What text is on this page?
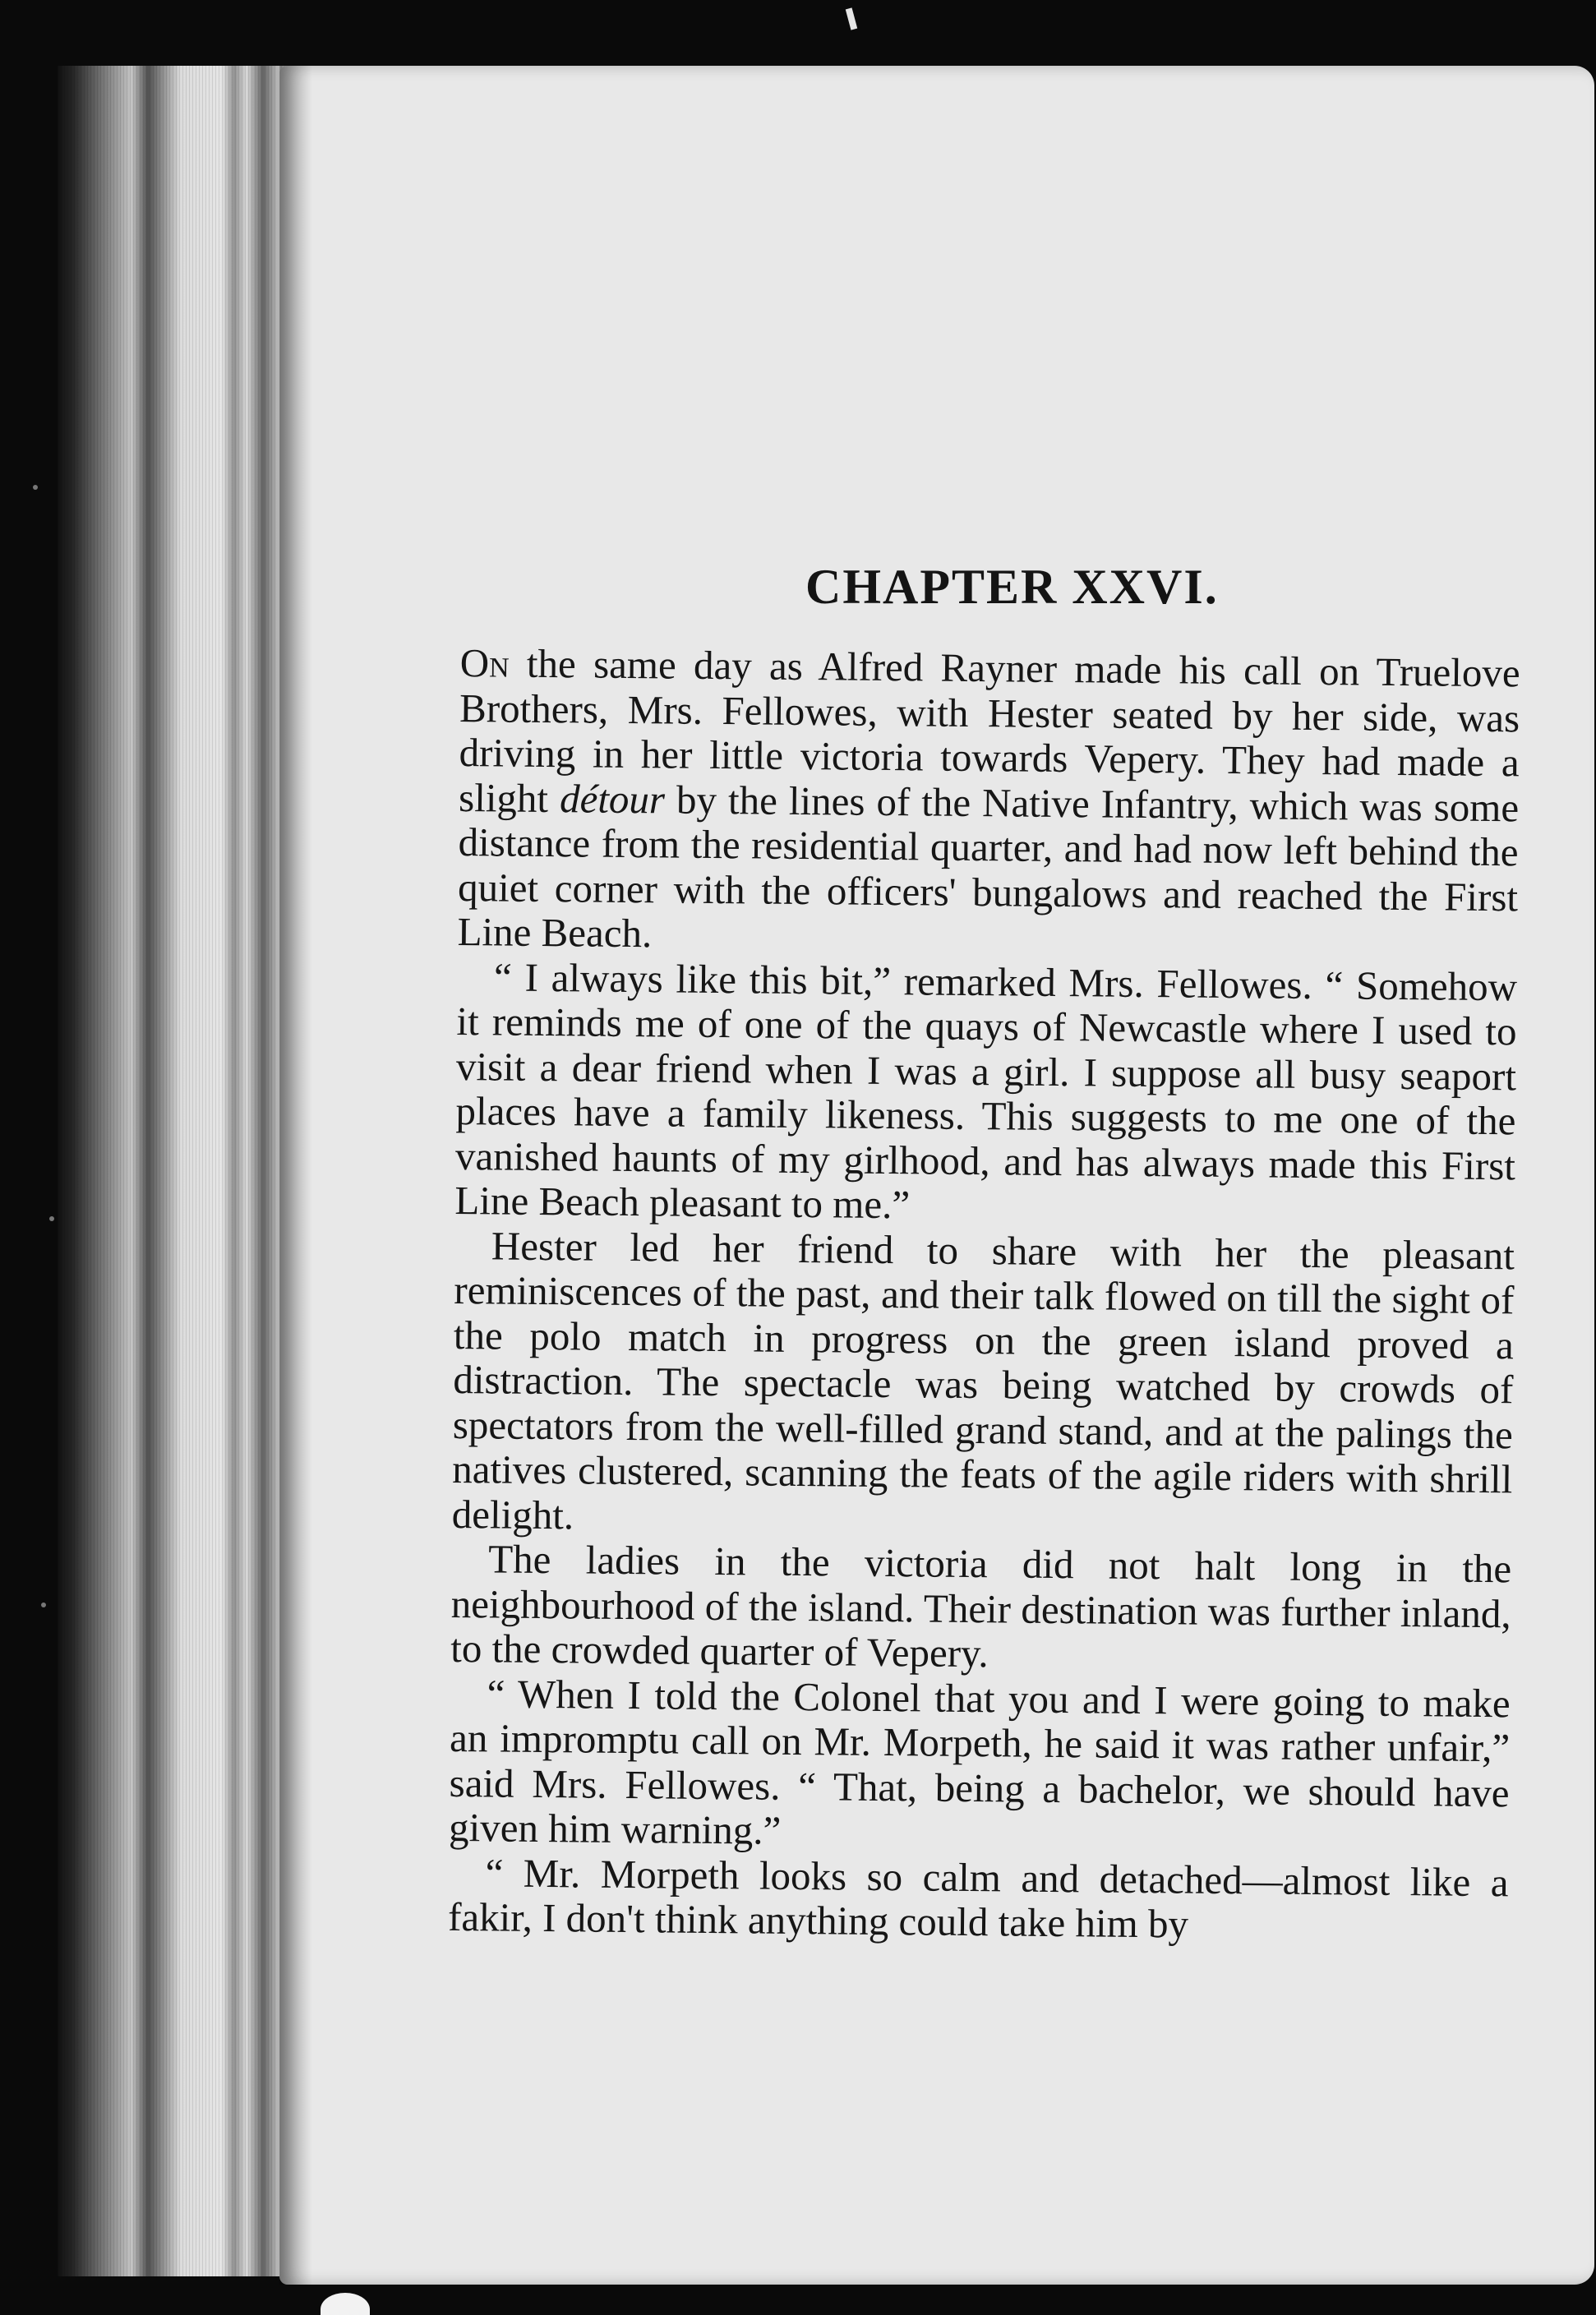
CHAPTER XXVI.

On the same day as Alfred Rayner made his call on Truelove Brothers, Mrs. Fellowes, with Hester seated by her side, was driving in her little victoria towards Vepery. They had made a slight détour by the lines of the Native Infantry, which was some distance from the residential quarter, and had now left behind the quiet corner with the officers' bungalows and reached the First Line Beach.

“ I always like this bit,” remarked Mrs. Fellowes. “ Somehow it reminds me of one of the quays of Newcastle where I used to visit a dear friend when I was a girl. I suppose all busy seaport places have a family likeness. This suggests to me one of the vanished haunts of my girlhood, and has always made this First Line Beach pleasant to me.”

Hester led her friend to share with her the pleasant reminiscences of the past, and their talk flowed on till the sight of the polo match in progress on the green island proved a distraction. The spectacle was being watched by crowds of spectators from the well-filled grand stand, and at the palings the natives clustered, scanning the feats of the agile riders with shrill delight.

The ladies in the victoria did not halt long in the neighbourhood of the island. Their destination was further inland, to the crowded quarter of Vepery.

“ When I told the Colonel that you and I were going to make an impromptu call on Mr. Morpeth, he said it was rather unfair,” said Mrs. Fellowes. “ That, being a bachelor, we should have given him warning.”

“ Mr. Morpeth looks so calm and detached—almost like a fakir, I don't think anything could take him by
